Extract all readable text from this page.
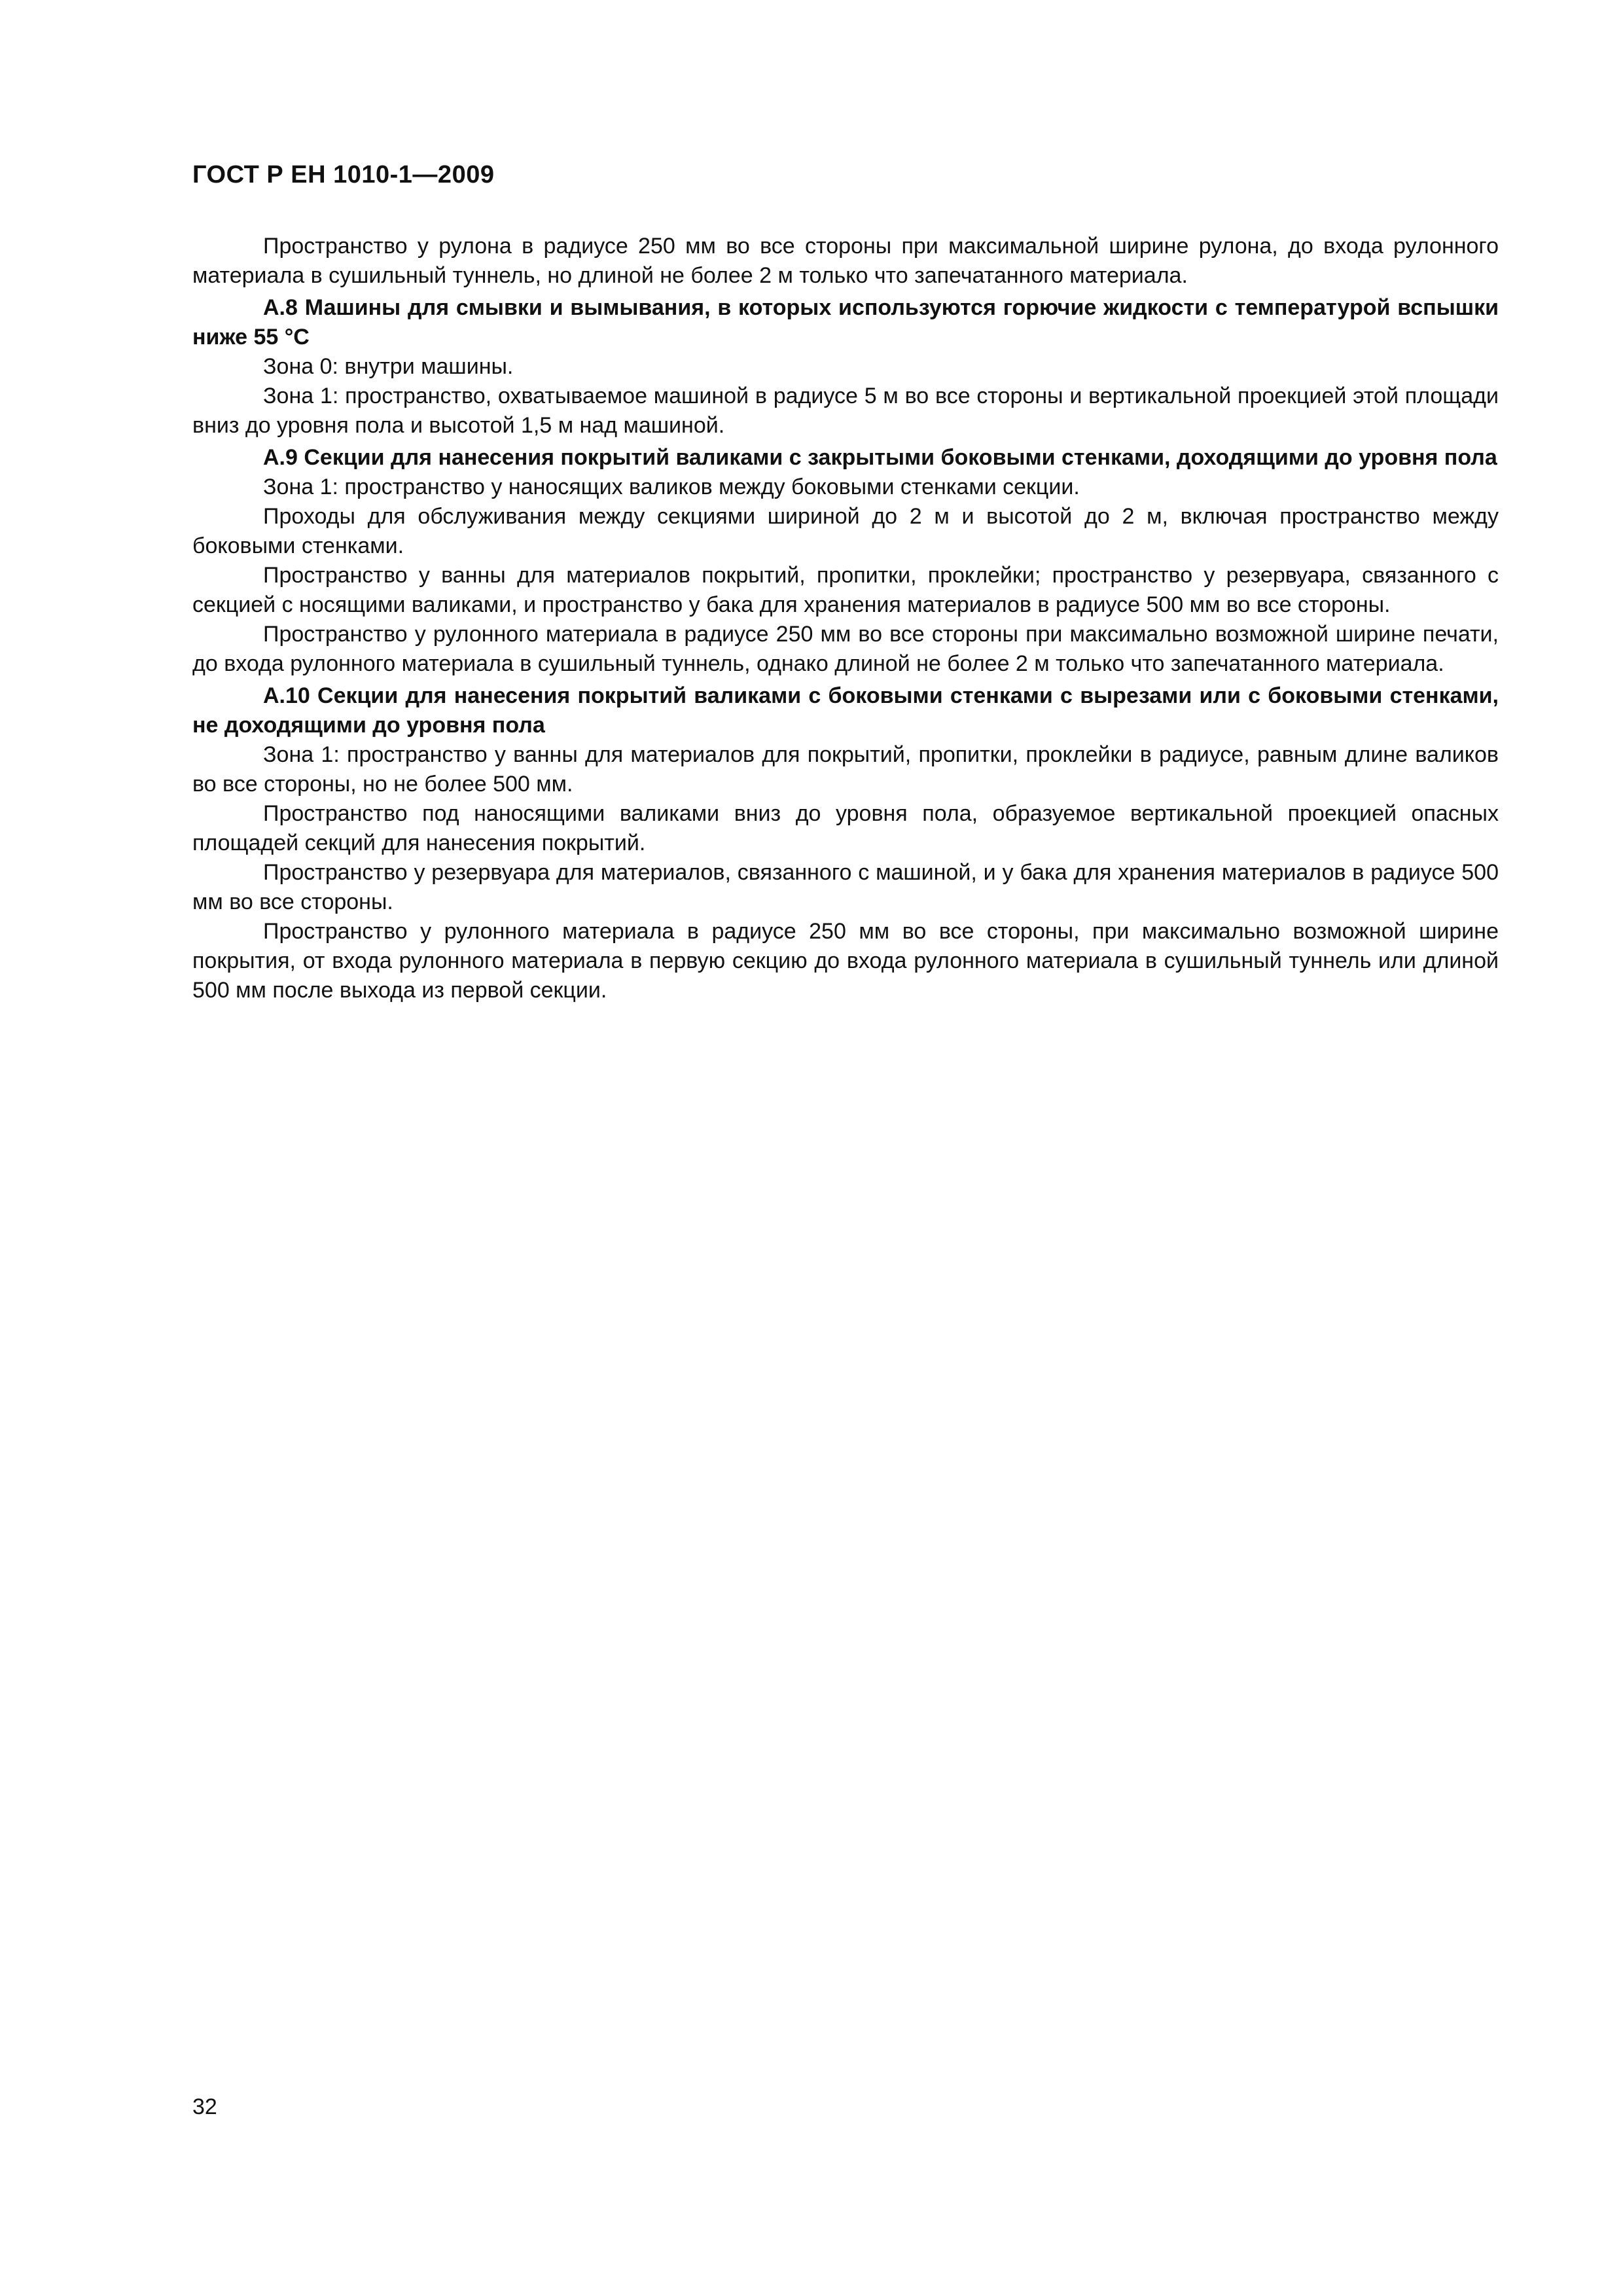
ГОСТ Р ЕН 1010-1—2009

Пространство у рулона в радиусе 250 мм во все стороны при максимальной ширине рулона, до входа рулонного материала в сушильный туннель, но длиной не более 2 м только что запечатанного материала.

А.8 Машины для смывки и вымывания, в которых используются горючие жидкости с температурой вспышки ниже 55 °С

Зона 0: внутри машины.

Зона 1: пространство, охватываемое машиной в радиусе 5 м во все стороны и вертикальной проекцией этой площади вниз до уровня пола и высотой 1,5 м над машиной.

А.9 Секции для нанесения покрытий валиками с закрытыми боковыми стенками, доходящими до уровня пола

Зона 1: пространство у наносящих валиков между боковыми стенками секции.

Проходы для обслуживания между секциями шириной до 2 м и высотой до 2 м, включая пространство между боковыми стенками.

Пространство у ванны для материалов покрытий, пропитки, проклейки; пространство у резервуара, связанного с секцией с носящими валиками, и пространство у бака для хранения материалов в радиусе 500 мм во все стороны.

Пространство у рулонного материала в радиусе 250 мм во все стороны при максимально возможной ширине печати, до входа рулонного материала в сушильный туннель, однако длиной не более 2 м только что запечатанного материала.

А.10 Секции для нанесения покрытий валиками с боковыми стенками с вырезами или с боковыми стенками, не доходящими до уровня пола

Зона 1: пространство у ванны для материалов для покрытий, пропитки, проклейки в радиусе, равным длине валиков во все стороны, но не более 500 мм.

Пространство под наносящими валиками вниз до уровня пола, образуемое вертикальной проекцией опасных площадей секций для нанесения покрытий.

Пространство у резервуара для материалов, связанного с машиной, и у бака для хранения материалов в радиусе 500 мм во все стороны.

Пространство у рулонного материала в радиусе 250 мм во все стороны, при максимально возможной ширине покрытия, от входа рулонного материала в первую секцию до входа рулонного материала в сушильный туннель или длиной 500 мм после выхода из первой секции.

32
